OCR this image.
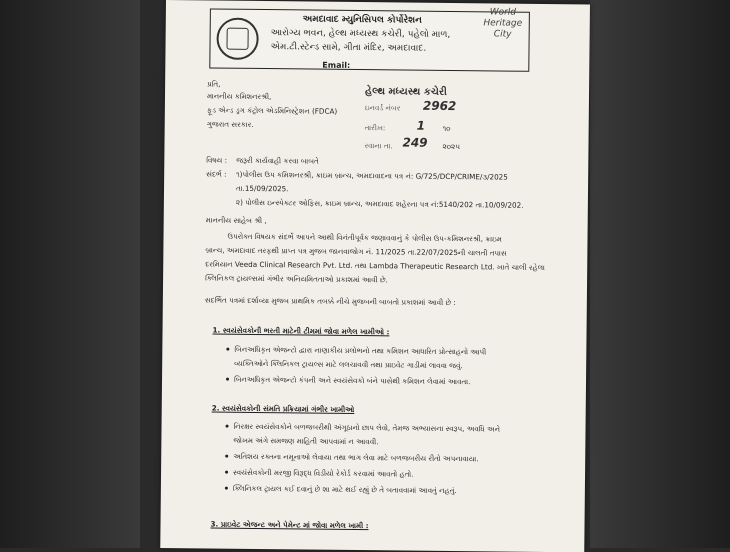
અમદાવાદ મ્યુનિસિપલ કોર્પોરેશન
આરોગ્ય ભવન, હેલ્થ મધ્યસ્થ કચેરી, પહેલો માળ,
એમ.ટી.સ્ટેન્ડ સામે, ગીતા મંદિર, અમદાવાદ.
Email:
World
Heritage
City
પ્રતિ,
માનનીય કમિશનરશ્રી,
ફૂડ એન્ડ ડ્રગ કંટ્રોલ એડમિનિસ્ટ્રેશન (FDCA)
ગુજરાત સરકાર.
હેલ્થ મધ્યસ્થ કચેરી
ઇનવર્ડ નંબર 2962
તારીખ:	1 ૧૦
રવાના તા. 249 ૨૦૨૫
વિષય : જરૂરી કાર્યવાહી કરવા બાબતે
સંદર્ભ : ૧)પોલીસ ઉપ કમિશનરશ્રી, ક્રાઇમ બ્રાન્ચ, અમદાવાદના પત્ર નં: G/725/DCP/CRIME/૩/2025
તા.15/09/2025.
૨) પોલીસ ઇન્સ્પેક્ટર ઓફિસ, ક્રાઇમ બ્રાન્ચ, અમદાવાદ શહેરના પત્ર નં:5140/202 તા.10/09/202.
માનનીય સાહેબ શ્રી ,
ઉપરોક્ત વિષયક સંદર્ભે આપને આથી વિનંતીપૂર્વક જણાવવાનું કે પોલીસ ઉપ-કમિશનરશ્રી, ક્રાઇમ
બ્રાન્ચ, અમદાવાદ તરફથી પ્રાપ્ત પત્ર મુજબ જાનવાજોગ નં. 11/2025 તા.22/07/2025ની ચાલતી તપાસ
દરમિયાન Veeda Clinical Research Pvt. Ltd. તથા Lambda Therapeutic Research Ltd. ખાતે ચાલી રહેલા
ક્લિનિકલ ટ્રાયલ્સમાં ગંભીર અનિયમિતતાઓ પ્રકાશમાં આવી છે.
સદર્ભિત પત્રમાં દર્શાવ્યા મુજબ પ્રાથમિક તબક્કે નીચે મુજબની બાબતો પ્રકાશમાં આવી છે :
1. સ્વયંસેવકોની ભરતી માટેની ટીમમાં જોવા મળેલ ખામીઓ :
બિનઅધિકૃત એજન્ટો દ્વારા નાણાકીય પ્રલોભનો તથા કમિશન આધારિત પ્રોત્સાહનો આપી
વ્યક્તિઓને ક્લિનિકલ ટ્રાયલ્સ માટે લલચાવવી તથા પ્રાઇવેટ ગાડીમાં લાવવા જવું.
બિનઅધિકૃત એજન્ટો કંપની અને સ્વયંસેવકો બંને પાસેથી કમિશન લેવામાં આવતા.
2. સ્વયંસેવકોની સંમતિ પ્રક્રિયામાં ગંભીર ખામીઓ
નિરક્ષર સ્વયંસેવકોને બળજબરીથી અંગૂઠાનો છાપ લેવો, તેમજ અભ્યાસના સ્વરૂપ, અવધિ અને
જોખમ અંગે સમજણ માહિતી આપવામાં ન આવવી.
અતિશય રક્તના નમૂનાઓ લેવાયા તથા ભાગ લેવા માટે બળજબરીય રીતો અપનાવાયા.
સ્વયંસેવકોની મરજી વિરૂદ્ધ વિડીયો રેકોર્ડ કરવામાં આવતો હતો.
ક્લિનિકલ ટ્રાયલ કઈ દવાનું છે શા માટે થઈ રહ્યું છે તે બતાવવામાં આવતું નહતું.
3. પ્રાઇવેટ એજન્ટ અને પેમેન્ટ માં જોવા મળેલ ખામી :
